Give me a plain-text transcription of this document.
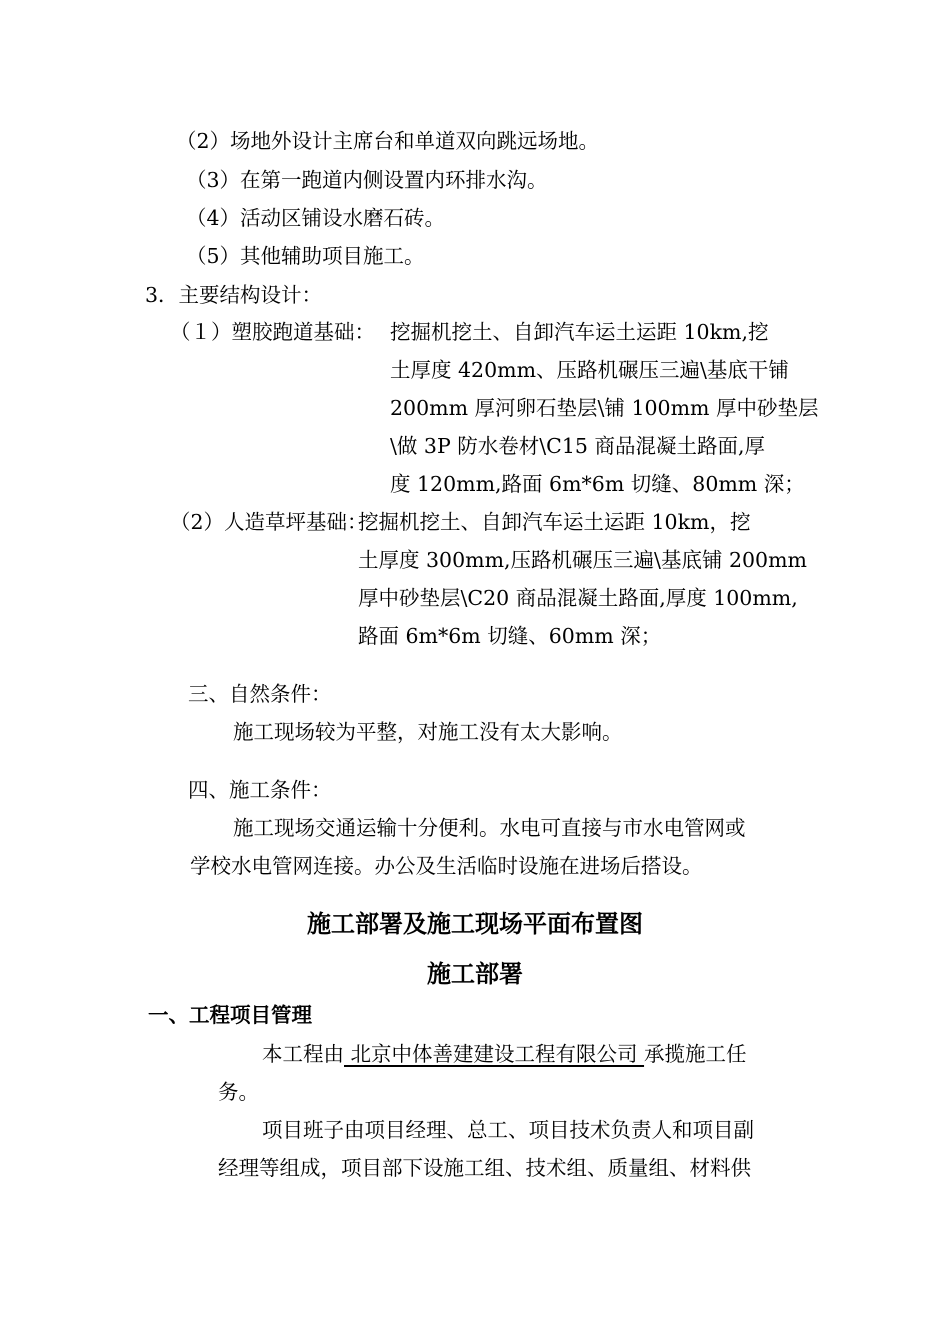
（2）场地外设计主席台和单道双向跳远场地。
（3）在第一跑道内侧设置内环排水沟。
（4）活动区铺设水磨石砖。
（5）其他辅助项目施工。
3．主要结构设计：
（１）塑胶跑道基础： 挖掘机挖土、自卸汽车运土运距 10km,挖
土厚度 420mm、压路机碾压三遍\基底干铺
200mm 厚河卵石垫层\铺 100mm 厚中砂垫层
\做 3P 防水卷材\C15 商品混凝土路面,厚
度 120mm,路面 6m*6m 切缝、80mm 深；
（2）人造草坪基础：
挖掘机挖土、自卸汽车运土运距 10km，挖
土厚度 300mm,压路机碾压三遍\基底铺 200mm
厚中砂垫层\C20 商品混凝土路面,厚度 100mm,
路面 6m*6m 切缝、60mm 深；
三、自然条件：
施工现场较为平整，对施工没有太大影响。
四、施工条件：
施工现场交通运输十分便利。水电可直接与市水电管网或
学校水电管网连接。办公及生活临时设施在进场后搭设。
施工部署及施工现场平面布置图
施工部署
一、工程项目管理
本工程由 北京中体善建建设工程有限公司 承揽施工任
务。
项目班子由项目经理、总工、项目技术负责人和项目副
经理等组成，项目部下设施工组、技术组、质量组、材料供
